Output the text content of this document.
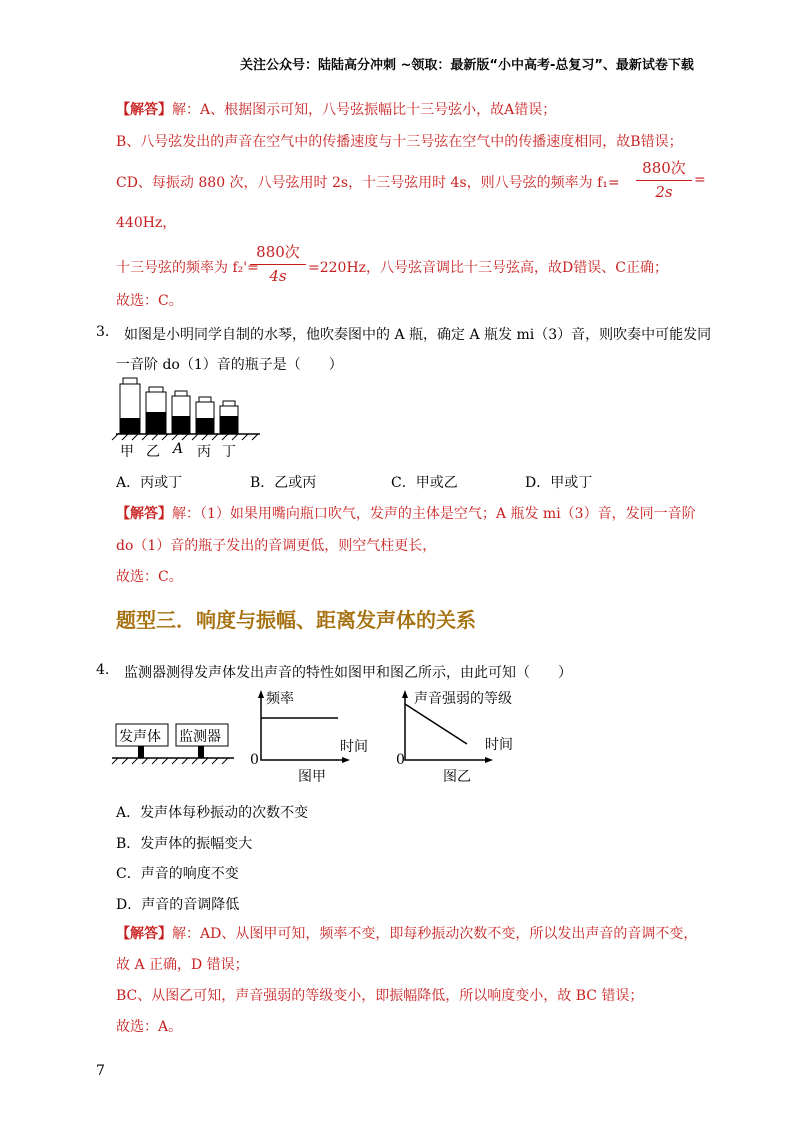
关注公众号：陆陆高分冲刺 ~领取：最新版“小中高考-总复习”、最新试卷下载
【解答】解：A、根据图示可知，八号弦振幅比十三号弦小，故A错误；
B、八号弦发出的声音在空气中的传播速度与十三号弦在空气中的传播速度相同，故B错误；
CD、每振动 880 次，八号弦用时 2s，十三号弦用时 4s，则八号弦的频率为 f₁=
880次
2s
=
440Hz，
十三号弦的频率为 f₂'=
880次
4s	=220Hz，八号弦音调比十三号弦高，故D错误、C正确；
故选：C。
3. 如图是小明同学自制的水琴，他吹奏图中的 A 瓶，确定 A 瓶发 mi（3）音，则吹奏中可能发同
一音阶 do（1）音的瓶子是（　　）
甲 乙 A 丙 丁
A．丙或丁	B．乙或丙	C．甲或乙	D．甲或丁
【解答】解：（1）如果用嘴向瓶口吹气，发声的主体是空气；A 瓶发 mi（3）音，发同一音阶
do（1）音的瓶子发出的音调更低，则空气柱更长，
故选：C。
题型三．响度与振幅、距离发声体的关系
4. 监测器测得发声体发出声音的特性如图甲和图乙所示，由此可知（　　）
发声体 监测器
频率
时间
0
图甲
声音强弱的等级
时间
0
图乙
A．发声体每秒振动的次数不变
B．发声体的振幅变大
C．声音的响度不变
D．声音的音调降低
【解答】解：AD、从图甲可知，频率不变，即每秒振动次数不变，所以发出声音的音调不变，
故 A 正确，D 错误；
BC、从图乙可知，声音强弱的等级变小，即振幅降低，所以响度变小，故 BC 错误；
故选：A。
7
